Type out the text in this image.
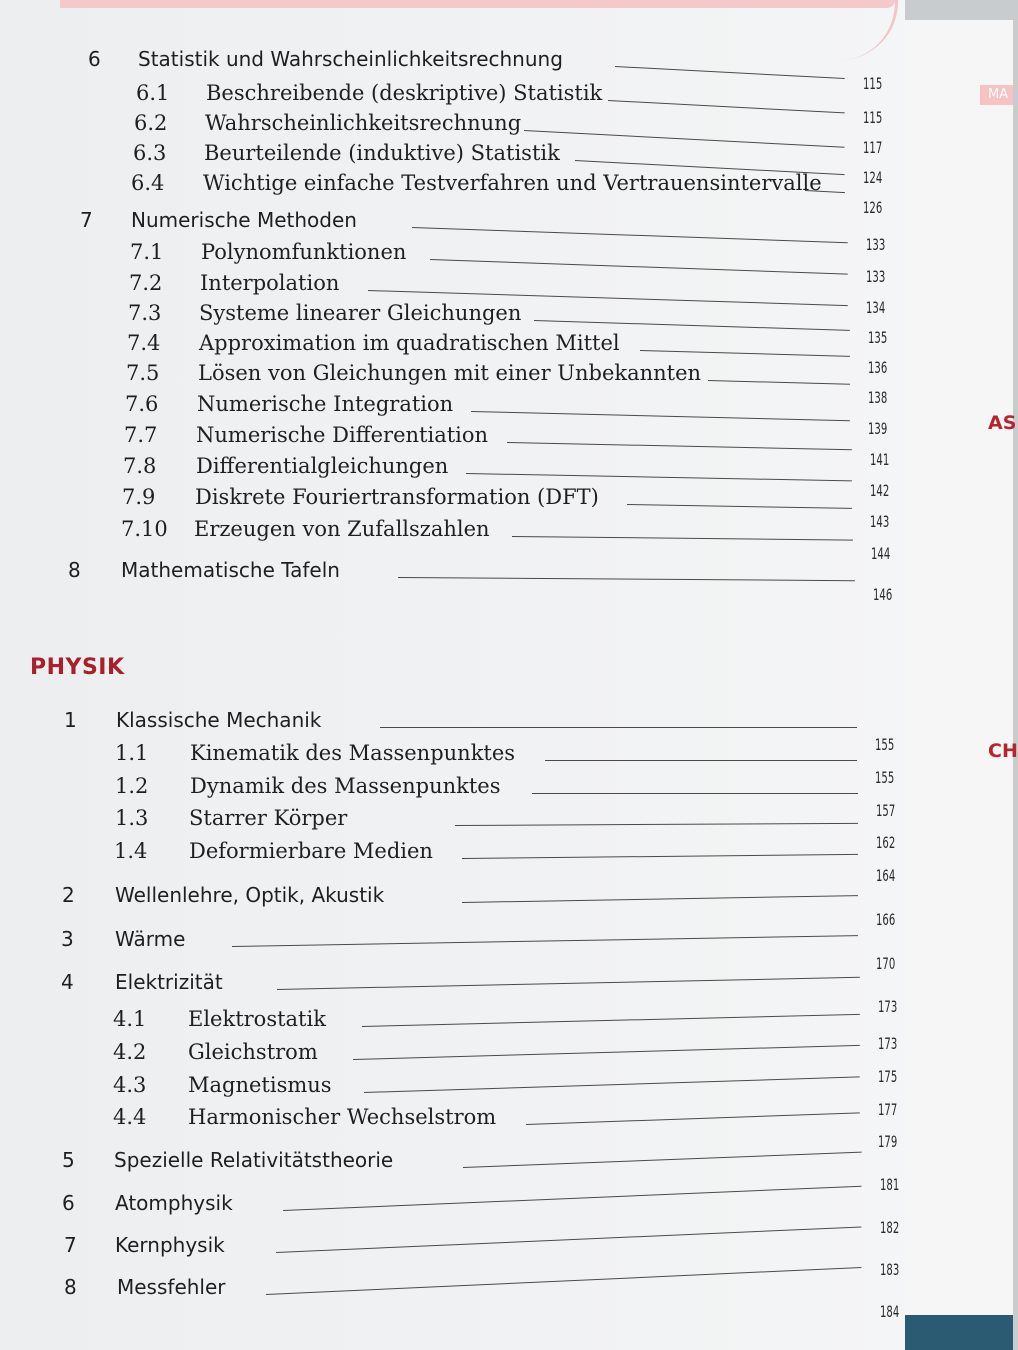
PHYSIK
6 Statistik und Wahrscheinlichkeitsrechnung
115
6.1 Beschreibende (deskriptive) Statistik
115
6.2 Wahrscheinlichkeitsrechnung
117
6.3 Beurteilende (induktive) Statistik
124
6.4 Wichtige einfache Testverfahren und Vertrauensintervalle
126
7 Numerische Methoden
133
7.1 Polynomfunktionen
133
7.2 Interpolation
134
7.3 Systeme linearer Gleichungen
135
7.4 Approximation im quadratischen Mittel
136
7.5 Lösen von Gleichungen mit einer Unbekannten
138
7.6 Numerische Integration
139
7.7 Numerische Differentiation
141
7.8 Differentialgleichungen
142
7.9 Diskrete Fouriertransformation (DFT)
143
7.10 Erzeugen von Zufallszahlen
144
8 Mathematische Tafeln
146
1 Klassische Mechanik
155
1.1 Kinematik des Massenpunktes
155
1.2 Dynamik des Massenpunktes
157
1.3 Starrer Körper
162
1.4 Deformierbare Medien
164
2 Wellenlehre, Optik, Akustik
166
3 Wärme
170
4 Elektrizität
173
4.1 Elektrostatik
173
4.2 Gleichstrom
175
4.3 Magnetismus
177
4.4 Harmonischer Wechselstrom
179
5 Spezielle Relativitätstheorie
181
6 Atomphysik
182
7 Kernphysik
183
8 Messfehler
184
MA
AS
CH
